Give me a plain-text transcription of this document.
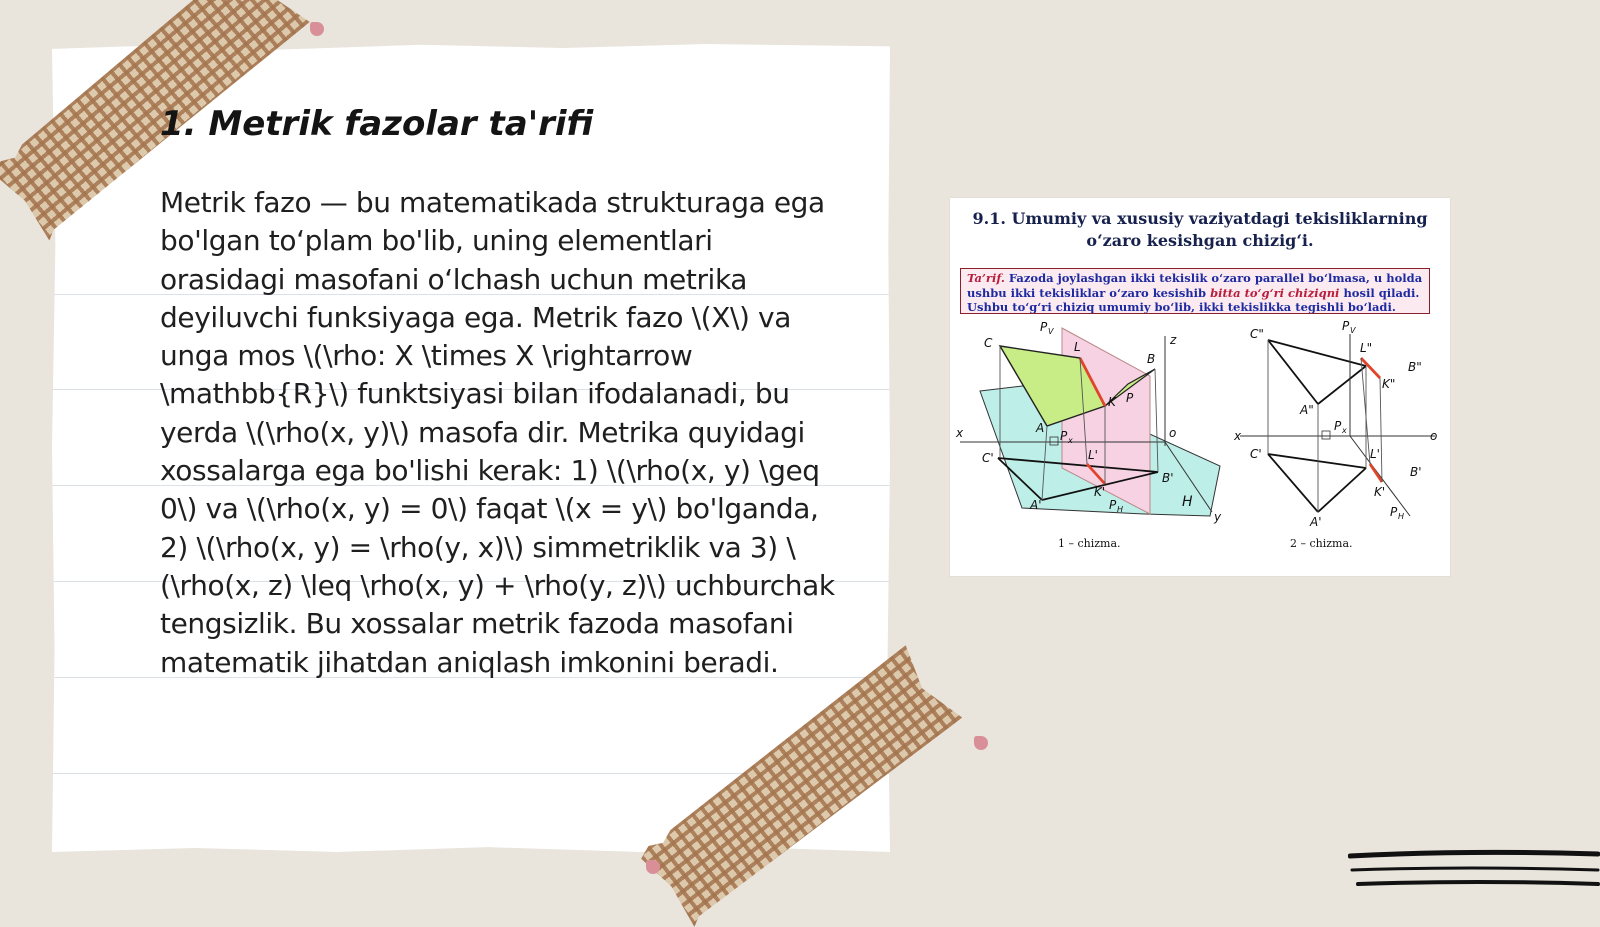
1. Metrik fazolar ta'rifi

Metrik fazo — bu matematikada strukturaga ega bo'lgan to‘plam bo'lib, uning elementlari orasidagi masofani o‘lchash uchun metrika deyiluvchi funksiyaga ega. Metrik fazo \(X\) va unga mos \(\rho: X \times X \rightarrow \mathbb{R}\) funktsiyasi bilan ifodalanadi, bu yerda \(\rho(x, y)\) masofa dir. Metrika quyidagi xossalarga ega bo'lishi kerak: 1) \(\rho(x, y) \geq 0\) va \(\rho(x, y) = 0\) faqat \(x = y\) bo'lganda, 2) \(\rho(x, y) = \rho(y, x)\) simmetriklik va 3) \(\rho(x, z) \leq \rho(x, y) + \rho(y, z)\) uchburchak tengsizlik. Bu xossalar metrik fazoda masofani matematik jihatdan aniqlash imkonini beradi.

9.1. Umumiy va xususiy vaziyatdagi tekisliklarning
o‘zaro kesishgan chizig‘i.
Ta’rif. Fazoda joylashgan ikki tekislik o‘zaro parallel bo‘lmasa, u holda ushbu ikki tekisliklar o‘zaro kesishib bitta to‘g‘ri chiziqni hosil qiladi. Ushbu to‘g‘ri chiziq umumiy bo‘lib, ikki tekislikka tegishli bo‘ladi.
P V
C	L
B
z
K P
A
P x
x	o
C'	L'
B'
K'
A'	P H	H
y
1 – chizma.
P V
C"
L"
B"
A"
K"
x
P x	o
C'	L'
B'
K'
A'
P H
2 – chizma.
